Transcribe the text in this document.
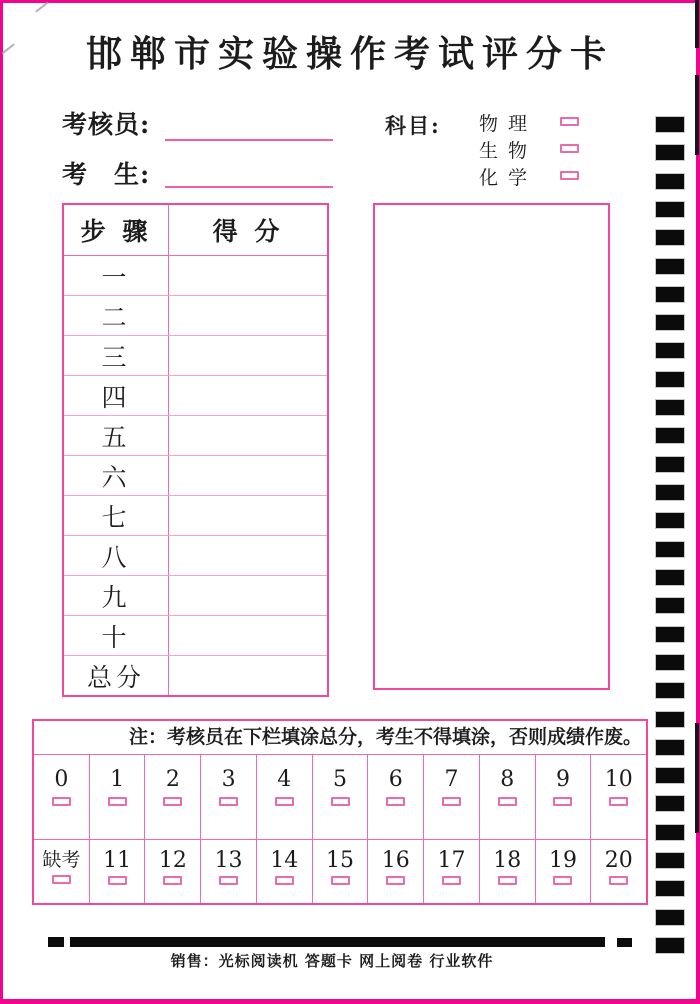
邯郸市实验操作考试评分卡
考核员:
考　生:
科目: 物 理
生 物
化 学
步 骤	得 分
一
二
三
四
五
六
七
八
九
十
总分
注：考核员在下栏填涂总分，考生不得填涂，否则成绩作废。
0 1 2 3 4 5 6 7 8 9 10
缺考 11 12 13 14 15 16 17 18 19 20
销售：光标阅读机 答题卡 网上阅卷 行业软件
